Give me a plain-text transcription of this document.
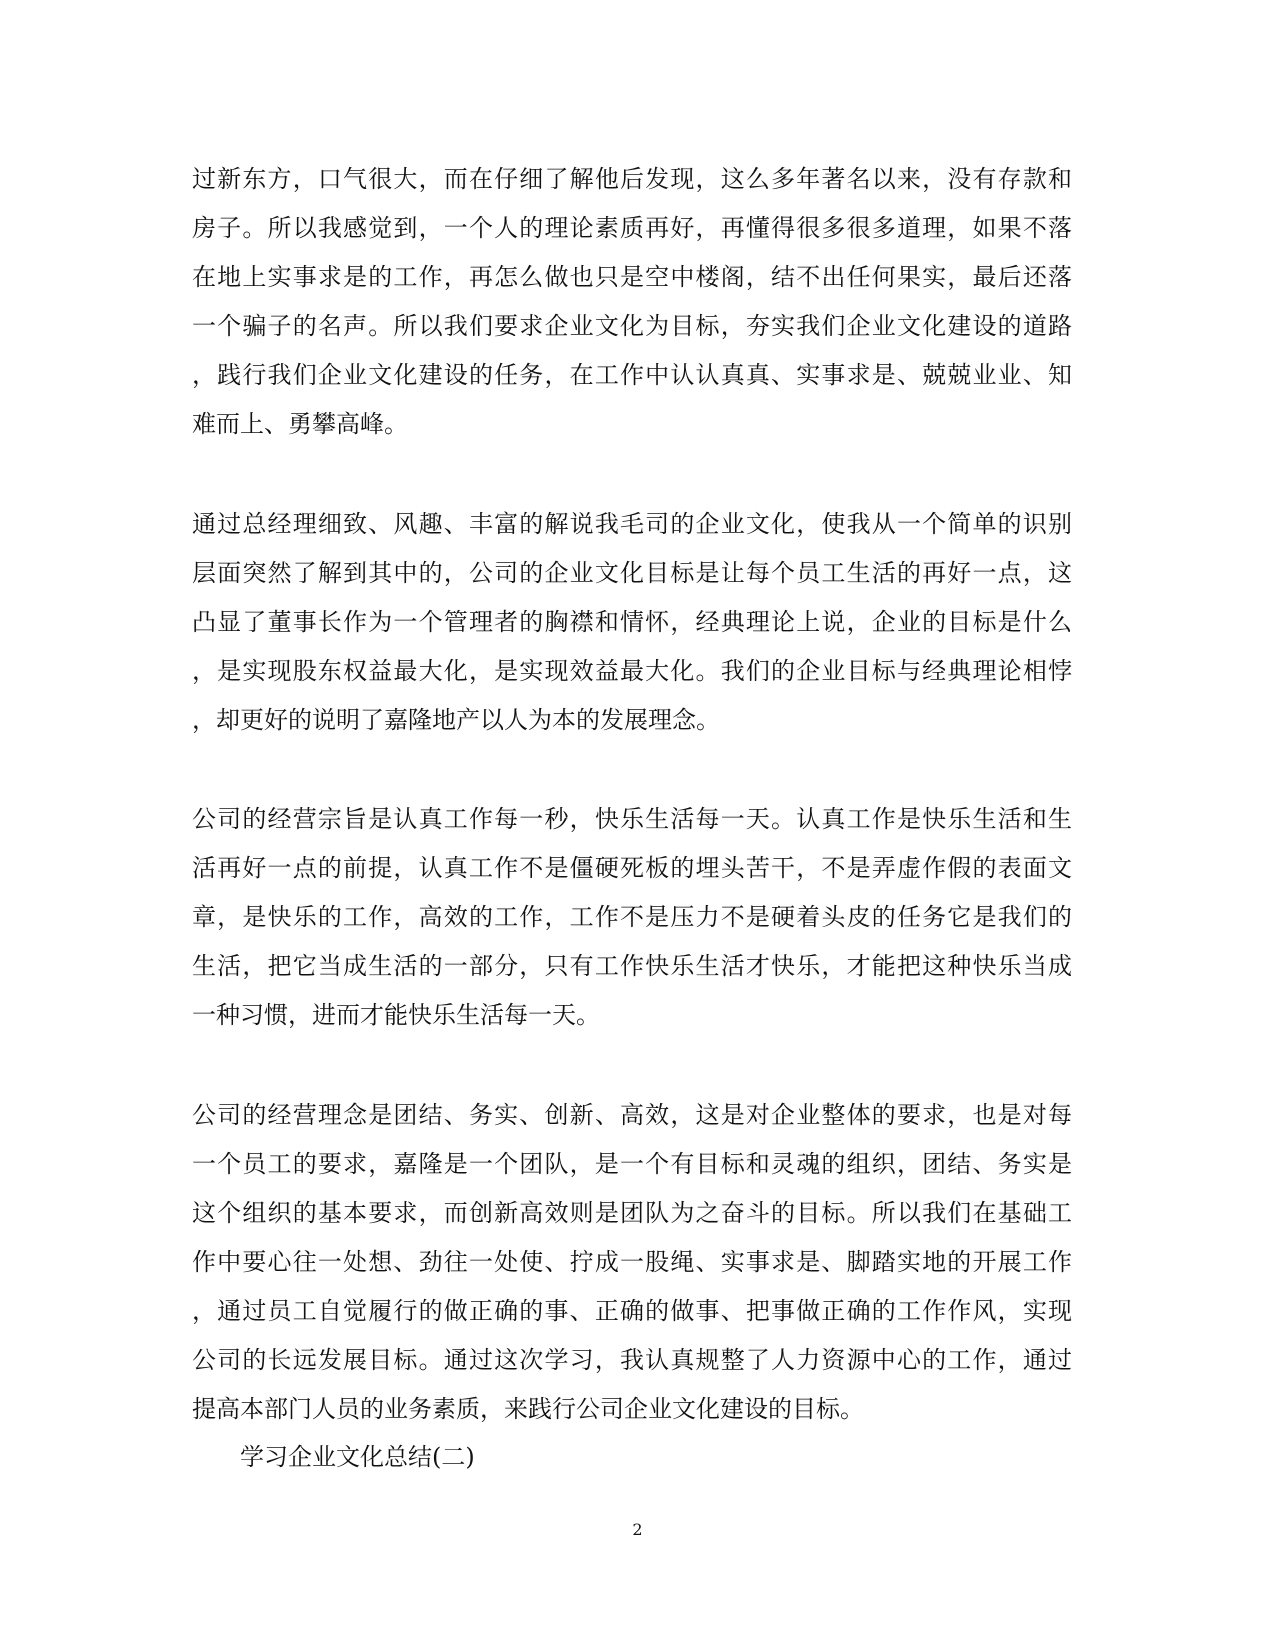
过新东方，口气很大，而在仔细了解他后发现，这么多年著名以来，没有存款和
房子。所以我感觉到，一个人的理论素质再好，再懂得很多很多道理，如果不落
在地上实事求是的工作，再怎么做也只是空中楼阁，结不出任何果实，最后还落
一个骗子的名声。所以我们要求企业文化为目标，夯实我们企业文化建设的道路
，践行我们企业文化建设的任务，在工作中认认真真、实事求是、兢兢业业、知
难而上、勇攀高峰。
通过总经理细致、风趣、丰富的解说我毛司的企业文化，使我从一个简单的识别
层面突然了解到其中的，公司的企业文化目标是让每个员工生活的再好一点，这
凸显了董事长作为一个管理者的胸襟和情怀，经典理论上说，企业的目标是什么
，是实现股东权益最大化，是实现效益最大化。我们的企业目标与经典理论相悖
，却更好的说明了嘉隆地产以人为本的发展理念。
公司的经营宗旨是认真工作每一秒，快乐生活每一天。认真工作是快乐生活和生
活再好一点的前提，认真工作不是僵硬死板的埋头苦干，不是弄虚作假的表面文
章，是快乐的工作，高效的工作，工作不是压力不是硬着头皮的任务它是我们的
生活，把它当成生活的一部分，只有工作快乐生活才快乐，才能把这种快乐当成
一种习惯，进而才能快乐生活每一天。
公司的经营理念是团结、务实、创新、高效，这是对企业整体的要求，也是对每
一个员工的要求，嘉隆是一个团队，是一个有目标和灵魂的组织，团结、务实是
这个组织的基本要求，而创新高效则是团队为之奋斗的目标。所以我们在基础工
作中要心往一处想、劲往一处使、拧成一股绳、实事求是、脚踏实地的开展工作
，通过员工自觉履行的做正确的事、正确的做事、把事做正确的工作作风，实现
公司的长远发展目标。通过这次学习，我认真规整了人力资源中心的工作，通过
提高本部门人员的业务素质，来践行公司企业文化建设的目标。
学习企业文化总结(二)
2
